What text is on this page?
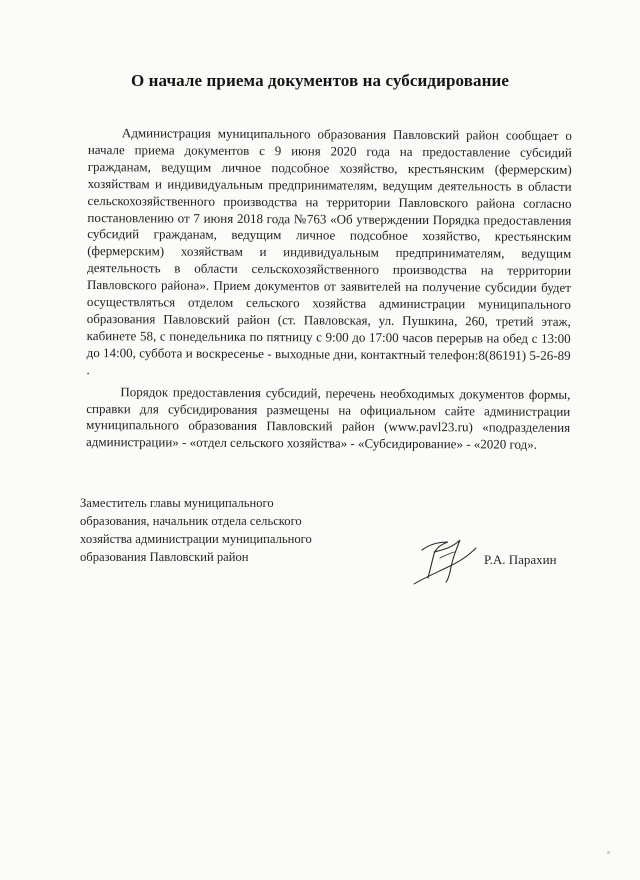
О начале приема документов на субсидирование

Администрация муниципального образования Павловский район сообщает о начале приема документов с 9 июня 2020 года на предоставление субсидий гражданам, ведущим личное подсобное хозяйство, крестьянским (фермерским) хозяйствам и индивидуальным предпринимателям, ведущим деятельность в области сельскохозяйственного производства на территории Павловского района согласно постановлению от 7 июня 2018 года №763 «Об утверждении Порядка предоставления субсидий гражданам, ведущим личное подсобное хозяйство, крестьянским (фермерским) хозяйствам и индивидуальным предпринимателям, ведущим деятельность в области сельскохозяйственного производства на территории Павловского района». Прием документов от заявителей на получение субсидии будет осуществляться отделом сельского хозяйства администрации муниципального образования Павловский район (ст. Павловская, ул. Пушкина, 260, третий этаж, кабинете 58, с понедельника по пятницу с 9:00 до 17:00 часов перерыв на обед с 13:00 до 14:00, суббота и воскресенье - выходные дни, контактный телефон:8(86191) 5-26-89 .

Порядок предоставления субсидий, перечень необходимых документов формы, справки для субсидирования размещены на официальном сайте администрации муниципального образования Павловский район (www.pavl23.ru) «подразделения администрации» - «отдел сельского хозяйства» - «Субсидирование» - «2020 год».

Заместитель главы муниципального
образования, начальник отдела сельского
хозяйства администрации муниципального
образования Павловский район	Р.А. Парахин
